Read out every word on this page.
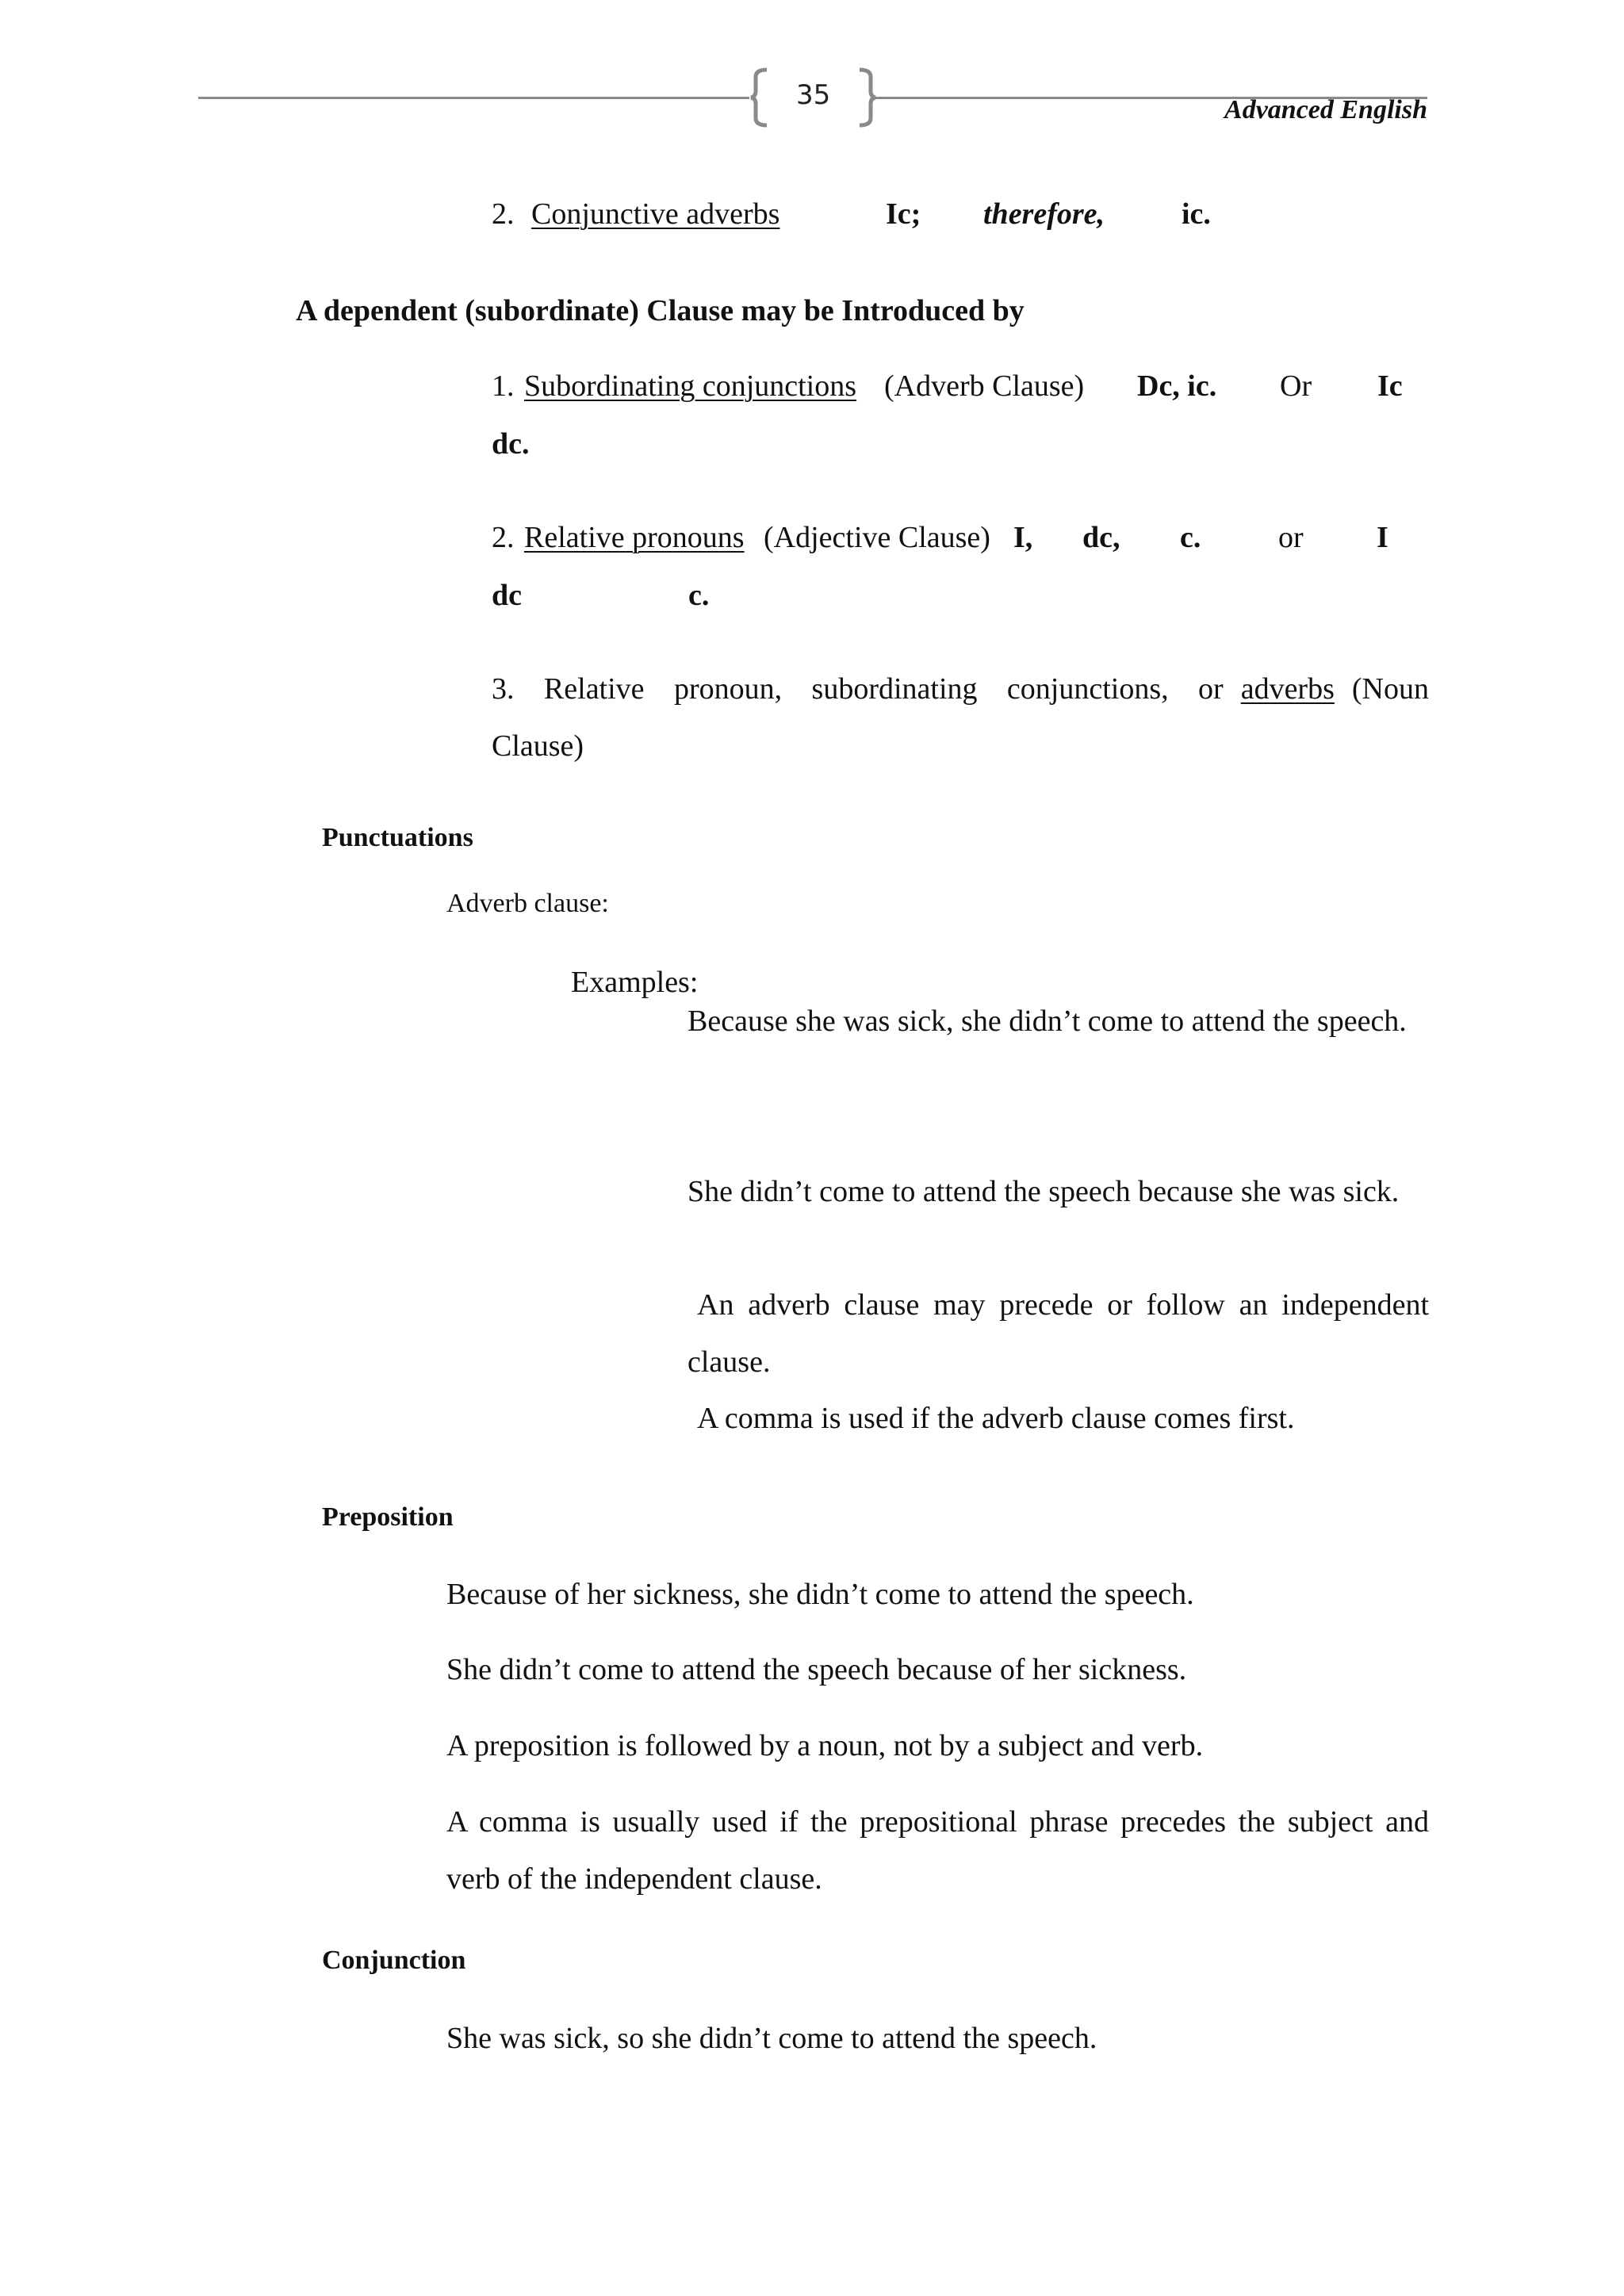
35	Advanced English
2. Conjunctive adverbs	Ic; therefore,	ic.
A dependent (subordinate) Clause may be Introduced by
1. Subordinating conjunctions (Adverb Clause) Dc, ic. Or Ic
dc.
2. Relative pronouns (Adjective Clause) I, dc, c.	or I
dc	c.
3. Relative pronoun, subordinating conjunctions, or adverbs (Noun
Clause)
Punctuations
Adverb clause:
Examples:
Because she was sick, she didn’t come to attend the speech.
She didn’t come to attend the speech because she was sick.
An adverb clause may precede or follow an independent clause.
A comma is used if the adverb clause comes first.
Preposition
Because of her sickness, she didn’t come to attend the speech.
She didn’t come to attend the speech because of her sickness.
A preposition is followed by a noun, not by a subject and verb.
A comma is usually used if the prepositional phrase precedes the subject and verb of the independent clause.
Conjunction
She was sick, so she didn’t come to attend the speech.
